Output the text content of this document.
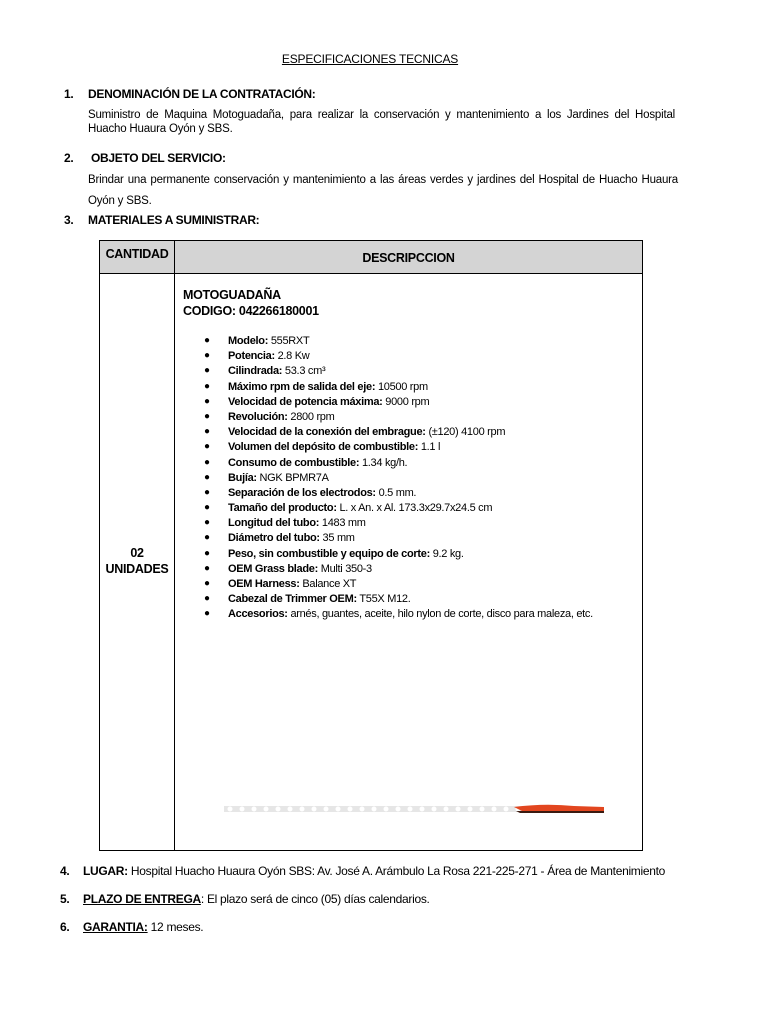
ESPECIFICACIONES TECNICAS
1. DENOMINACIÓN DE LA CONTRATACIÓN:
Suministro de Maquina Motoguadaña, para realizar la conservación y mantenimiento a los Jardines del Hospital Huacho Huaura Oyón y SBS.
2. OBJETO DEL SERVICIO:
Brindar una permanente conservación y mantenimiento a las áreas verdes y jardines del Hospital de Huacho Huaura Oyón y SBS.
3. MATERIALES A SUMINISTRAR:
CANTIDAD	DESCRIPCCION
02
UNIDADES
MOTOGUADAÑA
CODIGO: 042266180001
● Modelo: 555RXT
● Potencia: 2.8 Kw
● Cilindrada: 53.3 cm³
● Máximo rpm de salida del eje: 10500 rpm
● Velocidad de potencia máxima: 9000 rpm
● Revolución: 2800 rpm
● Velocidad de la conexión del embrague: (±120) 4100 rpm
● Volumen del depósito de combustible: 1.1 l
● Consumo de combustible: 1.34 kg/h.
● Bujía: NGK BPMR7A
● Separación de los electrodos: 0.5 mm.
● Tamaño del producto: L. x An. x Al. 173.3x29.7x24.5 cm
● Longitud del tubo: 1483 mm
● Diámetro del tubo: 35 mm
● Peso, sin combustible y equipo de corte: 9.2 kg.
● OEM Grass blade: Multi 350-3
● OEM Harness: Balance XT
● Cabezal de Trimmer OEM: T55X M12.
● Accesorios: arnés, guantes, aceite, hilo nylon de corte, disco para maleza, etc.
4. LUGAR: Hospital Huacho Huaura Oyón SBS: Av. José A. Arámbulo La Rosa 221-225-271 - Área de Mantenimiento
5. PLAZO DE ENTREGA: El plazo será de cinco (05) días calendarios.
6. GARANTIA: 12 meses.
